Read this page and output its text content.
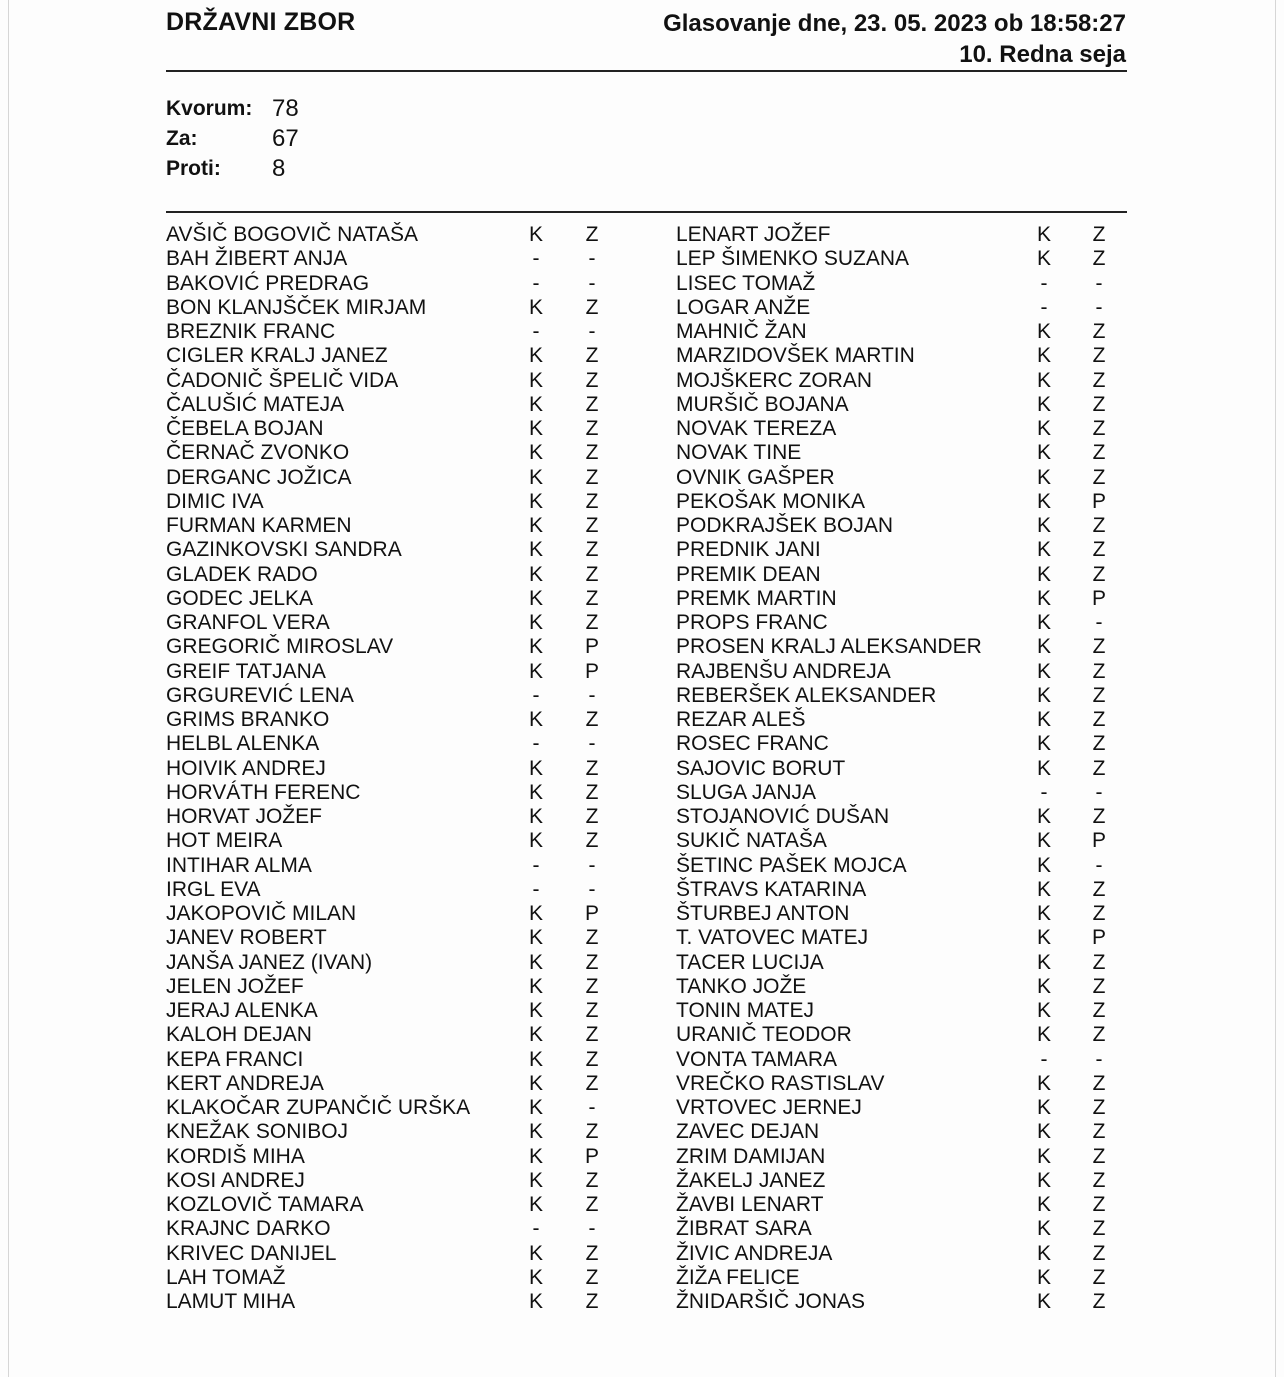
DRŽAVNI ZBOR	Glasovanje dne, 23. 05. 2023 ob 18:58:27
10. Redna seja
Kvorum: 78
Za:	67
Proti:	8
AVŠIČ BOGOVIČ NATAŠA	K Z
BAH ŽIBERT ANJA	-	-
BAKOVIĆ PREDRAG	-	-
BON KLANJŠČEK MIRJAM	K Z
BREZNIK FRANC	-	-
CIGLER KRALJ JANEZ	K Z
ČADONIČ ŠPELIČ VIDA	K Z
ČALUŠIĆ MATEJA	K Z
ČEBELA BOJAN	K Z
ČERNAČ ZVONKO	K Z
DERGANC JOŽICA	K Z
DIMIC IVA	K Z
FURMAN KARMEN	K Z
GAZINKOVSKI SANDRA	K Z
GLADEK RADO	K Z
GODEC JELKA	K Z
GRANFOL VERA	K Z
GREGORIČ MIROSLAV	K P
GREIF TATJANA	K P
GRGUREVIĆ LENA	-	-
GRIMS BRANKO	K Z
HELBL ALENKA	-	-
HOIVIK ANDREJ	K Z
HORVÁTH FERENC	K Z
HORVAT JOŽEF	K Z
HOT MEIRA	K Z
INTIHAR ALMA	-	-
IRGL EVA	-	-
JAKOPOVIČ MILAN	K P
JANEV ROBERT	K Z
JANŠA JANEZ (IVAN)	K Z
JELEN JOŽEF	K Z
JERAJ ALENKA	K Z
KALOH DEJAN	K Z
KEPA FRANCI	K Z
KERT ANDREJA	K Z
KLAKOČAR ZUPANČIČ URŠKA	K	-
KNEŽAK SONIBOJ	K Z
KORDIŠ MIHA	K P
KOSI ANDREJ	K Z
KOZLOVIČ TAMARA	K Z
KRAJNC DARKO	-	-
KRIVEC DANIJEL	K Z
LAH TOMAŽ	K Z
LAMUT MIHA	K Z
LENART JOŽEF	K Z
LEP ŠIMENKO SUZANA	K Z
LISEC TOMAŽ	-	-
LOGAR ANŽE	-	-
MAHNIČ ŽAN	K Z
MARZIDOVŠEK MARTIN	K Z
MOJŠKERC ZORAN	K Z
MURŠIČ BOJANA	K Z
NOVAK TEREZA	K Z
NOVAK TINE	K Z
OVNIK GAŠPER	K Z
PEKOŠAK MONIKA	K P
PODKRAJŠEK BOJAN	K Z
PREDNIK JANI	K Z
PREMIK DEAN	K Z
PREMK MARTIN	K P
PROPS FRANC	K	-
PROSEN KRALJ ALEKSANDER	K Z
RAJBENŠU ANDREJA	K Z
REBERŠEK ALEKSANDER	K Z
REZAR ALEŠ	K Z
ROSEC FRANC	K Z
SAJOVIC BORUT	K Z
SLUGA JANJA	-	-
STOJANOVIĆ DUŠAN	K Z
SUKIČ NATAŠA	K P
ŠETINC PAŠEK MOJCA	K	-
ŠTRAVS KATARINA	K Z
ŠTURBEJ ANTON	K Z
T. VATOVEC MATEJ	K P
TACER LUCIJA	K Z
TANKO JOŽE	K Z
TONIN MATEJ	K Z
URANIČ TEODOR	K Z
VONTA TAMARA	-	-
VREČKO RASTISLAV	K Z
VRTOVEC JERNEJ	K Z
ZAVEC DEJAN	K Z
ZRIM DAMIJAN	K Z
ŽAKELJ JANEZ	K Z
ŽAVBI LENART	K Z
ŽIBRAT SARA	K Z
ŽIVIC ANDREJA	K Z
ŽIŽA FELICE	K Z
ŽNIDARŠIČ JONAS	K Z
